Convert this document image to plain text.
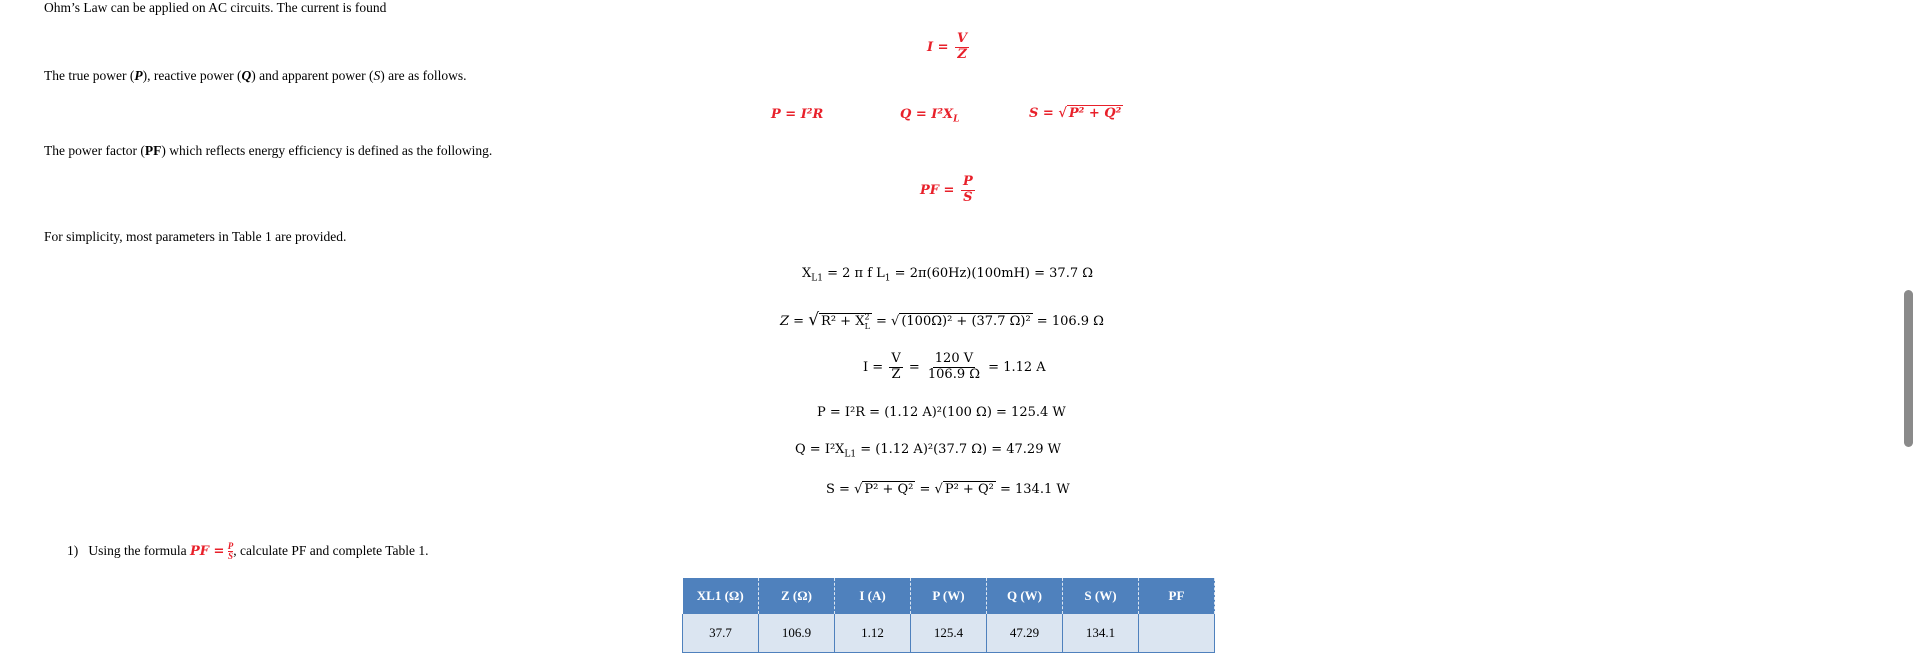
Ohm’s Law can be applied on AC circuits. The current is found
$I = \frac{V}{Z}$
The true power (P), reactive power (Q) and apparent power (S) are as follows.
P = I²R	$Q = I^2X_L$	S = √ P² + Q²
The power factor (PF) which reflects energy efficiency is defined as the following.
PF = $\frac{P}{S}$
For simplicity, most parameters in Table 1 are provided.
$X_{L1} = 2$ π f $L_1 = 2\pi(60Hz)(100mH) = 37.7$ Ω
Z = √ $R^2 + X^2_L$ = √ (100Ω)² + (37.7 Ω)² = 106.9 Ω
$I = \frac{V}{Z} = \frac{120 V}{106.9 \Omega} = 1.12$ A
P = I²R = (1.12 A)²(100 Ω) = 125.4 W
$Q = I^2X_{L1} = (1.12$ A)²(37.7 Ω) = 47.29 W
S = √ P² + Q² = √ P² + Q² = 134.1 W
1) Using the formula PF = $\frac{P}{S}$ , calculate PF and complete Table 1.
XL1 (Ω)	Z (Ω)	I (A)	P (W)	Q (W)	S (W)	PF
37.7	106.9	1.12	125.4	47.29	134.1	
